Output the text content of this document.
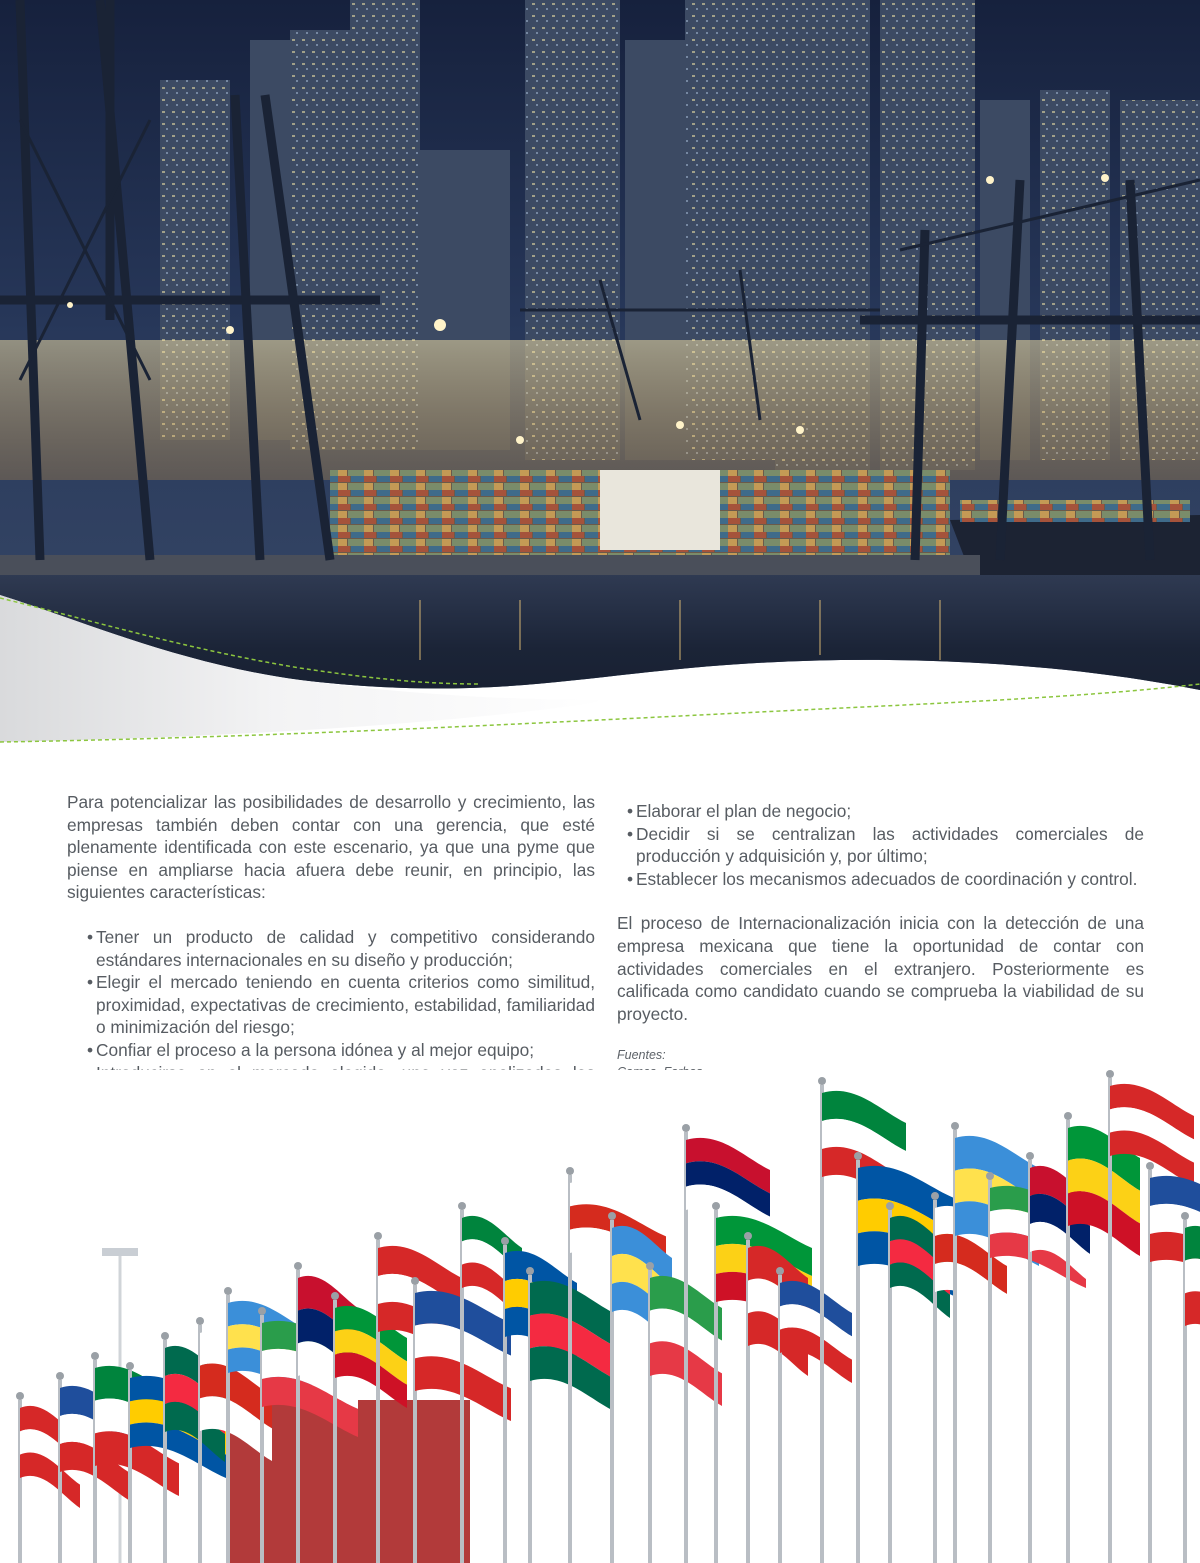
Para potencializar las posibilidades de desarrollo y crecimiento, las empresas también deben contar con una gerencia, que esté plenamente identificada con este escenario, ya que una pyme que piense en ampliarse hacia afuera debe reunir, en principio, las siguientes características:

• Tener un producto de calidad y competitivo considerando estándares internacionales en su diseño y producción;
• Elegir el mercado teniendo en cuenta criterios como similitud, proximidad, expectativas de crecimiento, estabilidad, familiaridad o minimización del riesgo;
• Confiar el proceso a la persona idónea y al mejor equipo;
•
•
• Elaborar el plan de negocio;
• Decidir si se centralizan las actividades comerciales de producción y adquisición y, por último;
• Establecer los mecanismos adecuados de coordinación y control.

El proceso de Internacionalización inicia con la detección de una empresa mexicana que tiene la oportunidad de contar con actividades comerciales en el extranjero. Posteriormente es calificada como candidato cuando se comprueba la viabilidad de su proyecto.

Fuentes:
